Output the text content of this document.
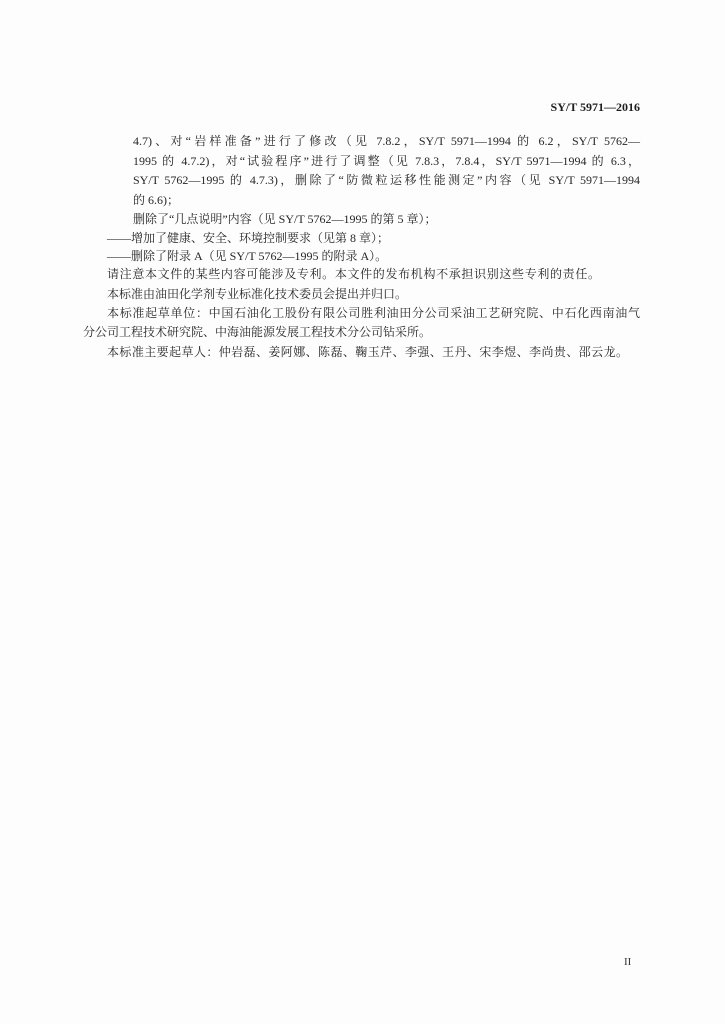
SY/T 5971—2016
4.7)、对“岩样准备”进行了修改（见 7.8.2，SY/T 5971—1994 的 6.2，SY/T 5762—
1995 的 4.7.2)，对“试验程序”进行了调整（见 7.8.3，7.8.4，SY/T 5971—1994 的 6.3，
SY/T 5762—1995 的 4.7.3)，删除了“防微粒运移性能测定”内容（见 SY/T 5971—1994
的 6.6)；
删除了“几点说明”内容（见 SY/T 5762—1995 的第 5 章）；
——增加了健康、安全、环境控制要求（见第 8 章）；
——删除了附录 A（见 SY/T 5762—1995 的附录 A）。
请注意本文件的某些内容可能涉及专利。本文件的发布机构不承担识别这些专利的责任。
本标准由油田化学剂专业标准化技术委员会提出并归口。
本标准起草单位：中国石油化工股份有限公司胜利油田分公司采油工艺研究院、中石化西南油气
分公司工程技术研究院、中海油能源发展工程技术分公司钻采所。
本标准主要起草人：仲岩磊、姜阿娜、陈磊、鞠玉芹、李强、王丹、宋李煜、李尚贵、邵云龙。
II
